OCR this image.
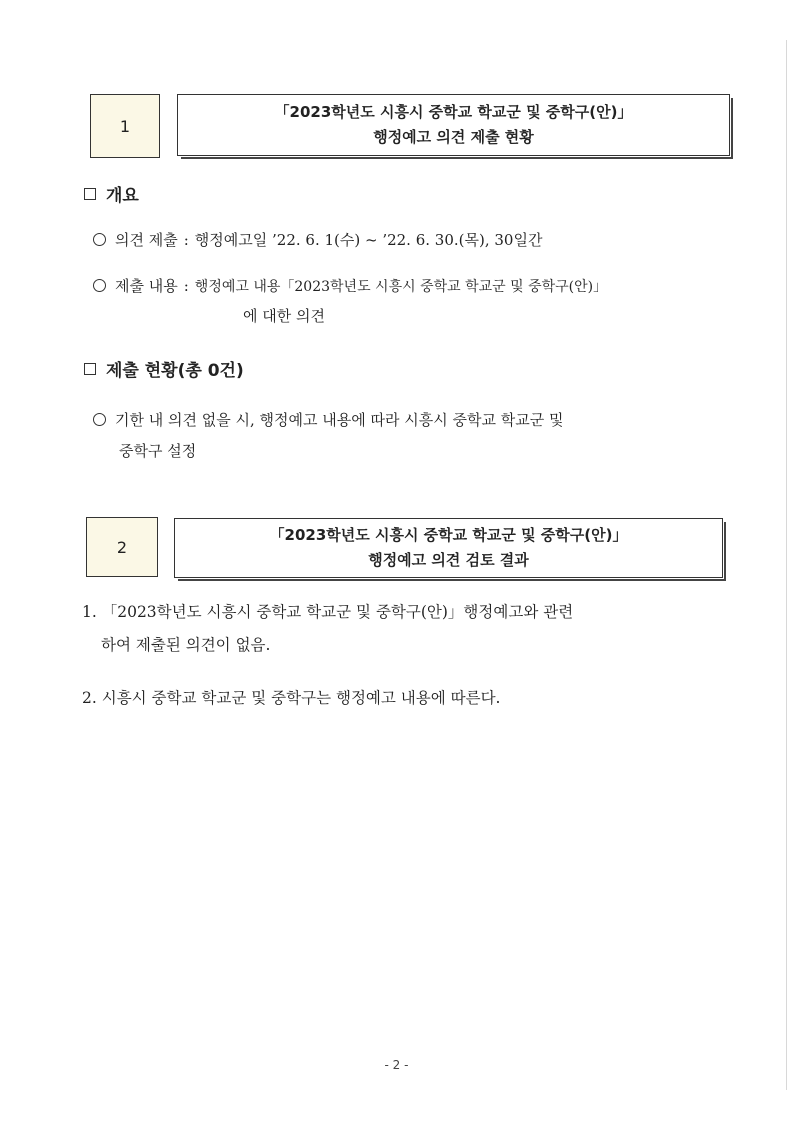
1
「2023학년도 시흥시 중학교 학교군 및 중학구(안)」
행정예고 의견 제출 현황
개요
의견 제출 : 행정예고일 ’22. 6. 1(수) ~ ’22. 6. 30.(목), 30일간
제출 내용 : 행정예고 내용「2023학년도 시흥시 중학교 학교군 및 중학구(안)」
에 대한 의견
제출 현황(총 0건)
기한 내 의견 없을 시, 행정예고 내용에 따라 시흥시 중학교 학교군 및
중학구 설정
2
「2023학년도 시흥시 중학교 학교군 및 중학구(안)」
행정예고 의견 검토 결과
1. 「2023학년도 시흥시 중학교 학교군 및 중학구(안)」행정예고와 관련
하여 제출된 의견이 없음.
2. 시흥시 중학교 학교군 및 중학구는 행정예고 내용에 따른다.
- 2 -
